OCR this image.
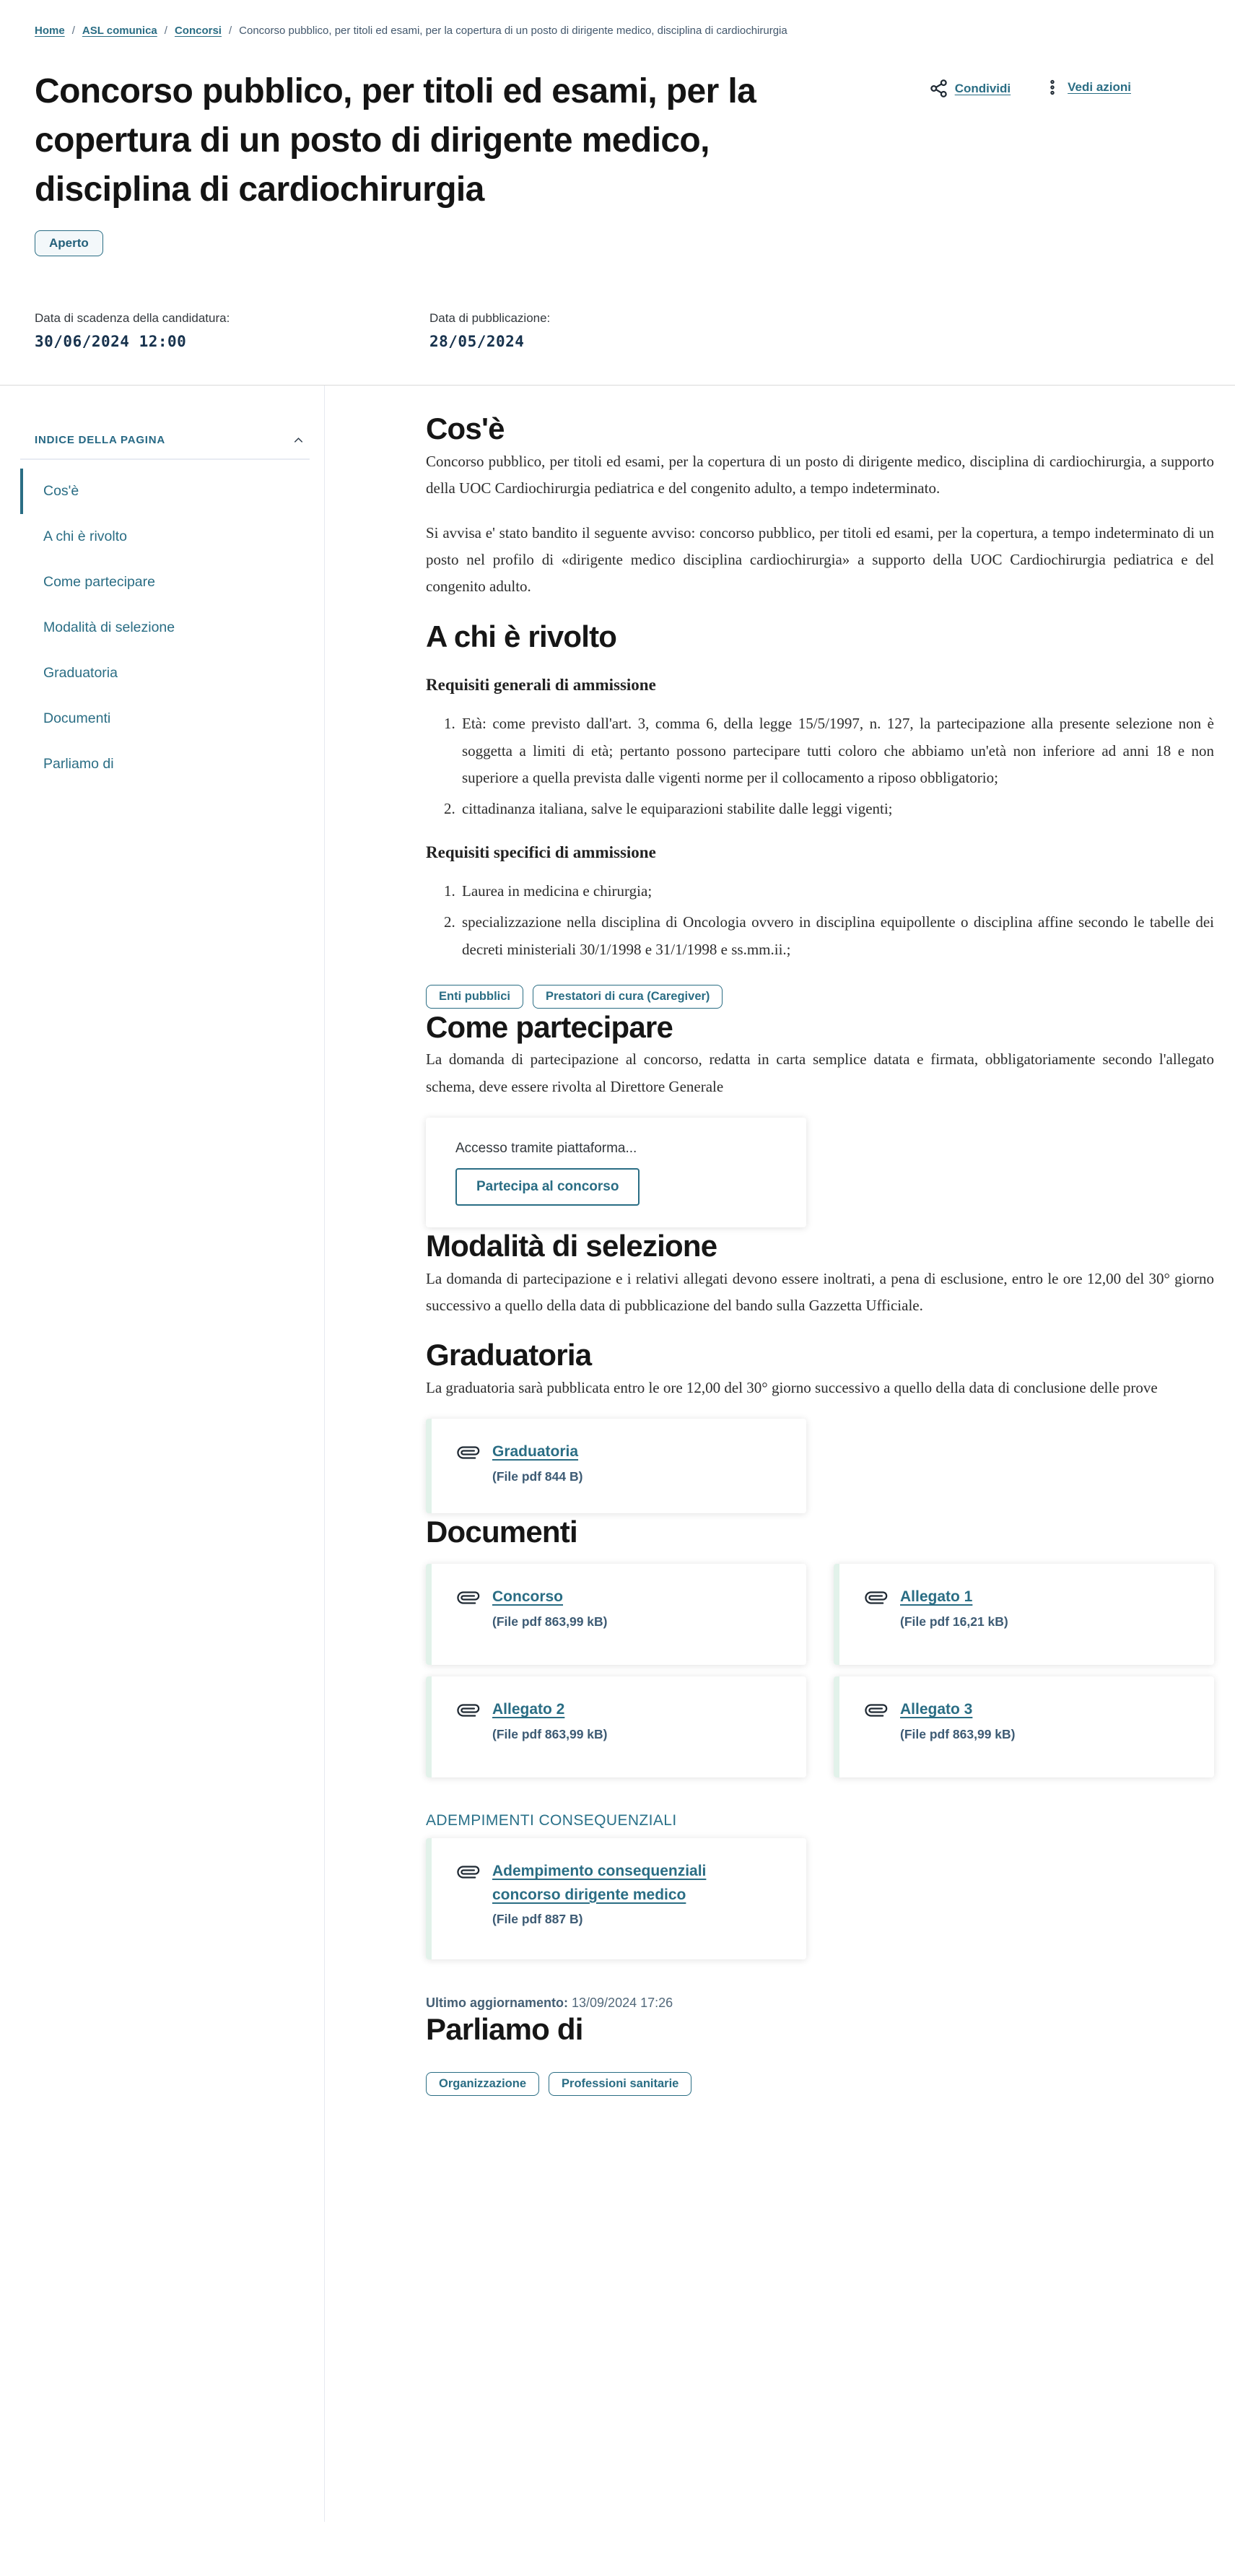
Home / ASL comunica / Concorsi / Concorso pubblico, per titoli ed esami, per la copertura di un posto di dirigente medico, disciplina di cardiochirurgia
Concorso pubblico, per titoli ed esami, per la copertura di un posto di dirigente medico, disciplina di cardiochirurgia
Condividi	Vedi azioni
Aperto
Data di scadenza della candidatura:
30/06/2024 12:00
Data di pubblicazione:
28/05/2024
INDICE DELLA PAGINA
Cos'è
A chi è rivolto
Come partecipare
Modalità di selezione
Graduatoria
Documenti
Parliamo di
Cos'è

Concorso pubblico, per titoli ed esami, per la copertura di un posto di dirigente medico, disciplina di cardiochirurgia, a supporto della UOC Cardiochirurgia pediatrica e del congenito adulto, a tempo indeterminato.

Si avvisa e' stato bandito il seguente avviso: concorso pubblico, per titoli ed esami, per la copertura, a tempo indeterminato di un posto nel profilo di «dirigente medico disciplina cardiochirurgia» a supporto della UOC Cardiochirurgia pediatrica e del congenito adulto.

A chi è rivolto
Requisiti generali di ammissione
1. Età: come previsto dall'art. 3, comma 6, della legge 15/5/1997, n. 127, la partecipazione alla presente selezione non è soggetta a limiti di età; pertanto possono partecipare tutti coloro che abbiamo un'età non inferiore ad anni 18 e non superiore a quella prevista dalle vigenti norme per il collocamento a riposo obbligatorio;
2. cittadinanza italiana, salve le equiparazioni stabilite dalle leggi vigenti;
Requisiti specifici di ammissione
1. Laurea in medicina e chirurgia;
2. specializzazione nella disciplina di Oncologia ovvero in disciplina equipollente o disciplina affine secondo le tabelle dei decreti ministeriali 30/1/1998 e 31/1/1998 e ss.mm.ii.;
Enti pubblici	Prestatori di cura (Caregiver)
Come partecipare

La domanda di partecipazione al concorso, redatta in carta semplice datata e firmata, obbligatoriamente secondo l'allegato schema, deve essere rivolta al Direttore Generale

Accesso tramite piattaforma...
Partecipa al concorso
Modalità di selezione

La domanda di partecipazione e i relativi allegati devono essere inoltrati, a pena di esclusione, entro le ore 12,00 del 30° giorno successivo a quello della data di pubblicazione del bando sulla Gazzetta Ufficiale.

Graduatoria

La graduatoria sarà pubblicata entro le ore 12,00 del 30° giorno successivo a quello della data di conclusione delle prove

Graduatoria
(File pdf 844 B)
Documenti
Concorso
(File pdf 863,99 kB)
Allegato 1
(File pdf 16,21 kB)
Allegato 2
(File pdf 863,99 kB)
Allegato 3
(File pdf 863,99 kB)
ADEMPIMENTI CONSEQUENZIALI
Adempimento consequenziali concorso dirigente medico
(File pdf 887 B)
Ultimo aggiornamento: 13/09/2024 17:26
Parliamo di
Organizzazione	Professioni sanitarie
